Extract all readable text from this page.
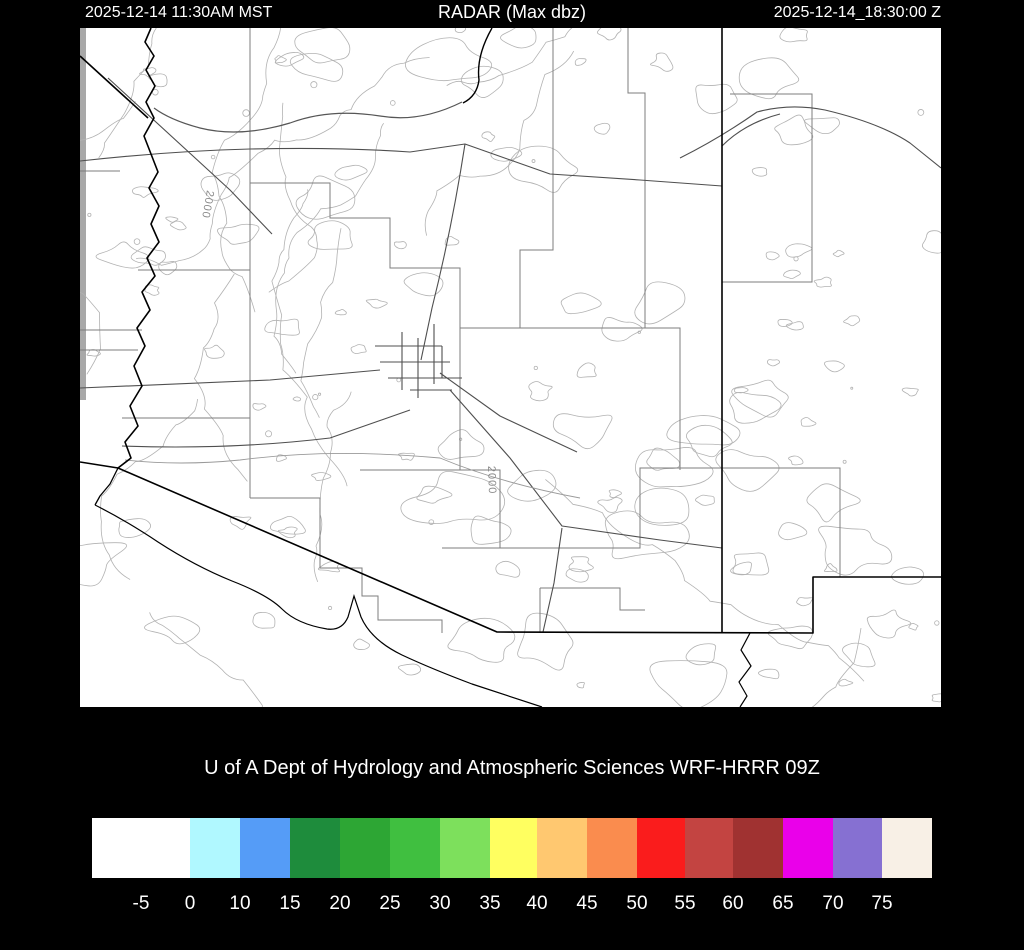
2025-12-14 11:30AM MST	RADAR (Max dbz)	2025-12-14_18:30:00 Z
2000
2000
U of A Dept of Hydrology and Atmospheric Sciences WRF-HRRR 09Z
-5	0	10	15	20	25	30	35	40	45	50	55	60	65	70	75
